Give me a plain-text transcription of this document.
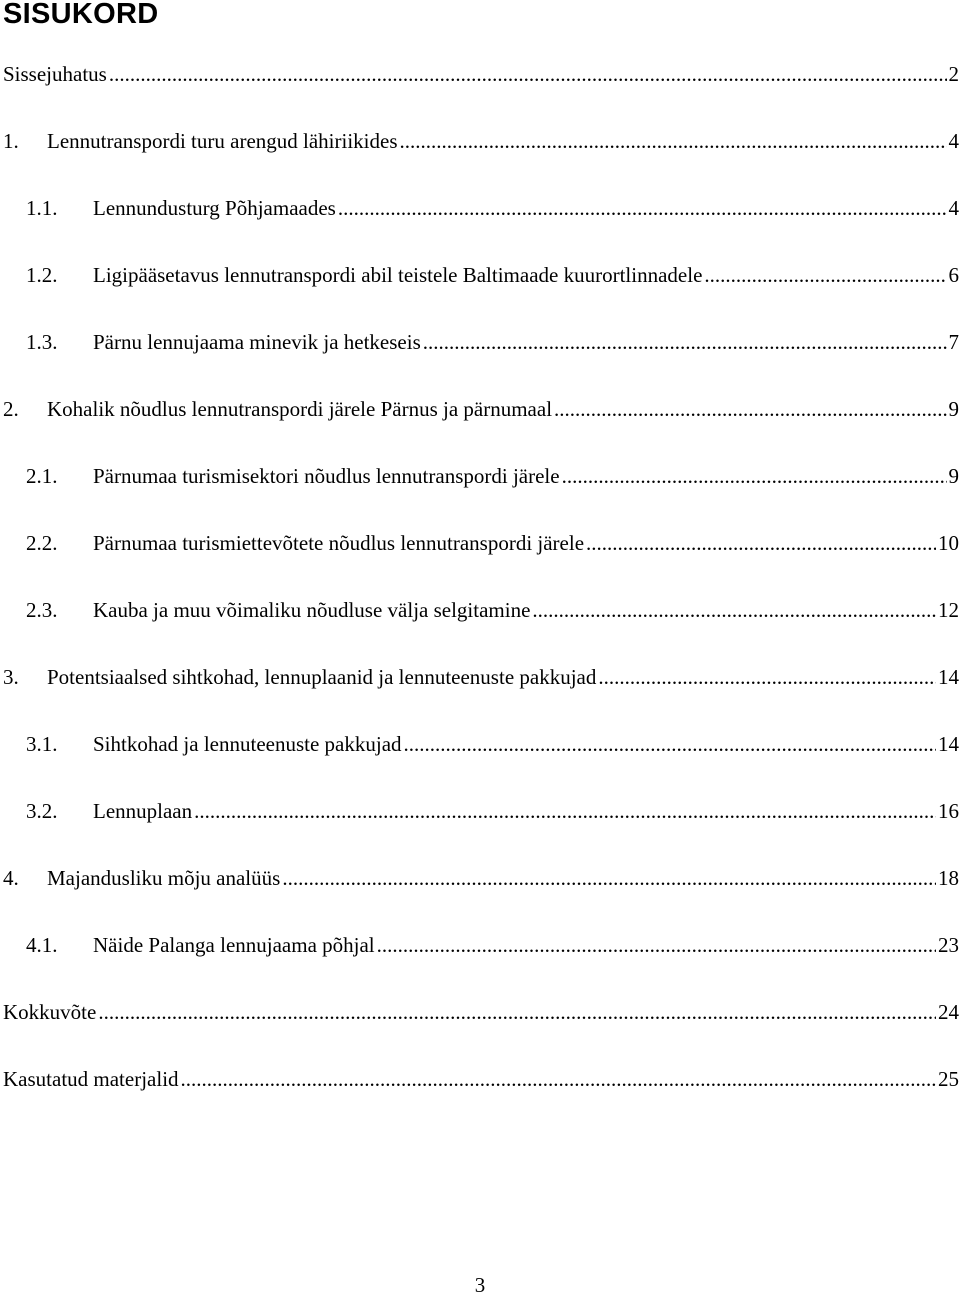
SISUKORD
Sissejuhatus .....	2
1.	Lennutranspordi turu arengud lähiriikides .....	4
1.1.	Lennundusturg Põhjamaades .....	4
1.2.	Ligipääsetavus lennutranspordi abil teistele Baltimaade kuurortlinnadele .....	6
1.3.	Pärnu lennujaama minevik ja hetkeseis .....	7
2.	Kohalik nõudlus lennutranspordi järele Pärnus ja pärnumaal .....	9
2.1.	Pärnumaa turismisektori nõudlus lennutranspordi järele .....	9
2.2.	Pärnumaa turismiettevõtete nõudlus lennutranspordi järele .....	10
2.3.	Kauba ja muu võimaliku nõudluse välja selgitamine .....	12
3.	Potentsiaalsed sihtkohad, lennuplaanid ja lennuteenuste pakkujad .....	14
3.1.	Sihtkohad ja lennuteenuste pakkujad .....	14
3.2.	Lennuplaan .....	16
4.	Majandusliku mõju analüüs .....	18
4.1.	Näide Palanga lennujaama põhjal .....	23
Kokkuvõte .....	24
Kasutatud materjalid .....	25
3
